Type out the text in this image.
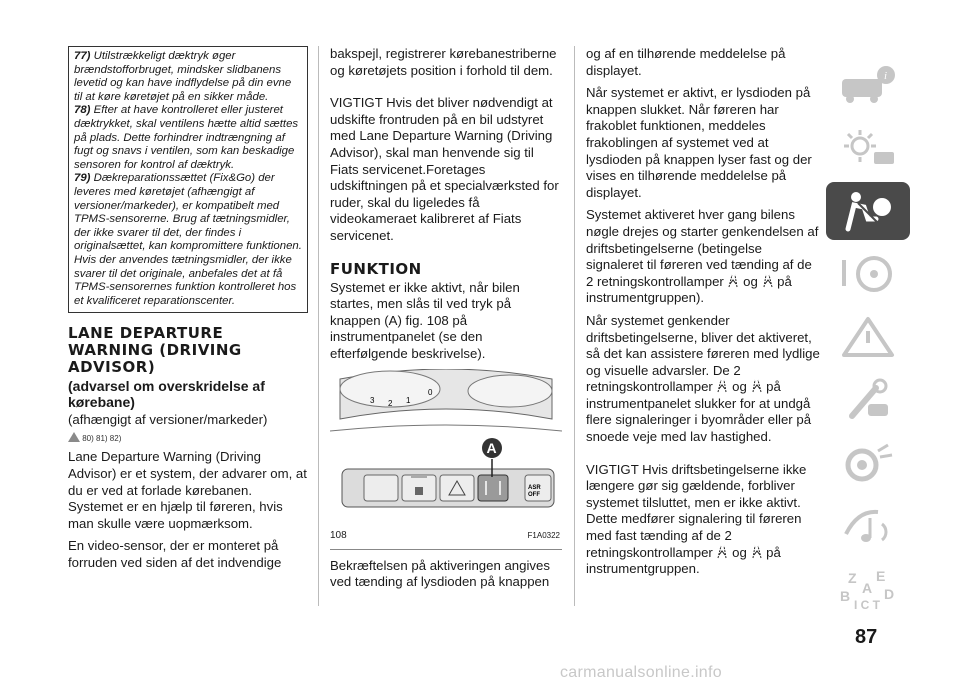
77) Utilstrækkeligt dæktryk øger brændstofforbruget, mindsker slidbanens levetid og kan have indflydelse på din evne til at køre køretøjet på en sikker måde.

78) Efter at have kontrolleret eller justeret dæktrykket, skal ventilens hætte altid sættes på plads. Dette forhindrer indtrængning af fugt og snavs i ventilen, som kan beskadige sensoren for kontrol af dæktryk.

79) Dækreparationssættet (Fix&Go) der leveres med køretøjet (afhængigt af versioner/markeder), er kompatibelt med TPMS-sensorerne. Brug af tætningsmidler, der ikke svarer til det, der findes i originalsættet, kan kompromittere funktionen. Hvis der anvendes tætningsmidler, der ikke svarer til det originale, anbefales det at få TPMS-sensorernes funktion kontrolleret hos et kvalificeret reparationscenter.

LANE DEPARTURE WARNING (DRIVING ADVISOR)
(advarsel om overskridelse af kørebane)

(afhængigt af versioner/markeder)

80) 81) 82)

Lane Departure Warning (Driving Advisor) er et system, der advarer om, at du er ved at forlade kørebanen. Systemet er en hjælp til føreren, hvis man skulle være uopmærksom.

En video-sensor, der er monteret på forruden ved siden af det indvendige

bakspejl, registrerer kørebanestriberne og køretøjets position i forhold til dem.

VIGTIGT Hvis det bliver nødvendigt at udskifte frontruden på en bil udstyret med Lane Departure Warning (Driving Advisor), skal man henvende sig til Fiats servicenet.Foretages udskiftningen på et specialværksted for ruder, skal du ligeledes få videokameraet kalibreret af Fiats servicenet.

FUNKTION

Systemet er ikke aktivt, når bilen startes, men slås til ved tryk på knappen (A) fig. 108 på instrumentpanelet (se den efterfølgende beskrivelse).

3 2 1
0
ASR
OFF
A
108	F1A0322

Bekræftelsen på aktiveringen angives ved tænding af lysdioden på knappen

og af en tilhørende meddelelse på displayet.

Når systemet er aktivt, er lysdioden på knappen slukket. Når føreren har frakoblet funktionen, meddeles frakoblingen af systemet ved at lysdioden på knappen lyser fast og der vises en tilhørende meddelelse på displayet.

Systemet aktiveret hver gang bilens nøgle drejes og starter genkendelsen af driftsbetingelserne (betingelse signaleret til føreren ved tænding af de 2 retningskontrollamper og på instrumentgruppen).

Når systemet genkender driftsbetingelserne, bliver det aktiveret, så det kan assistere føreren med lydlige og visuelle advarsler. De 2 retningskontrollamper og på instrumentpanelet slukker for at undgå flere signaleringer i byområder eller på snoede veje med lav hastighed.

VIGTIGT Hvis driftsbetingelserne ikke længere gør sig gældende, forbliver systemet tilsluttet, men er ikke aktivt. Dette medfører signalering til føreren med fast tænding af de 2 retningskontrollamper og på instrumentgruppen.

i
Z E
A
B D
I C T
87
carmanualsonline.info
